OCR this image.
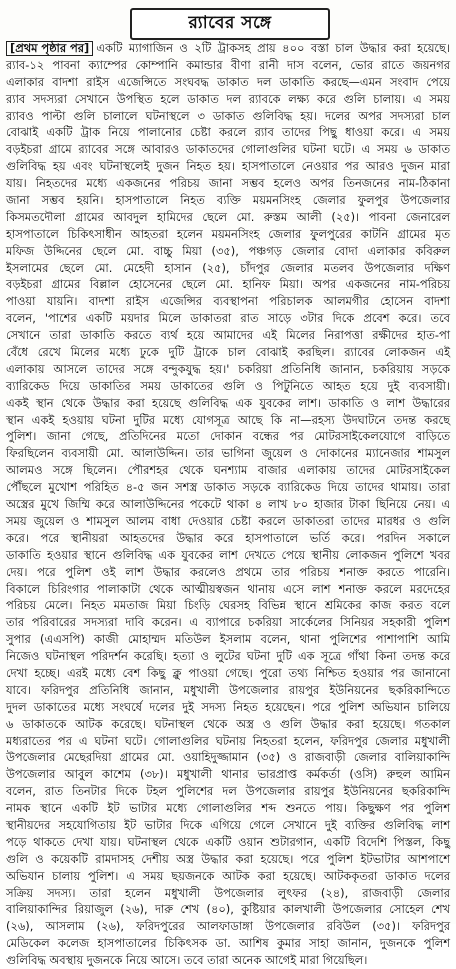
র‍্যাবের সঙ্গে
[প্রথম পৃষ্ঠার পর] একটি ম্যাগাজিন ও ২টি ট্রাকসহ প্রায় ৪০০ বস্তা চাল উদ্ধার করা হয়েছে।
র‍্যাব-১২ পাবনা ক্যাম্পের কোম্পানি কমান্ডার বীণা রানী দাস বলেন, ভোর রাতে জয়নগর
এলাকার বাদশা রাইস এজেন্সিতে সংঘবদ্ধ ডাকাত দল ডাকাতি করছে—এমন সংবাদ পেয়ে
র‍্যাব সদস্যরা সেখানে উপস্থিত হলে ডাকাত দল র‍্যাবকে লক্ষ্য করে গুলি চালায়। এ সময়
র‍্যাবও পাল্টা গুলি চালালে ঘটনাস্থলে ৩ ডাকাত গুলিবিদ্ধ হয়। দলের অপর সদস্যরা চাল
বোঝাই একটি ট্রাক নিয়ে পালানোর চেষ্টা করলে র‍্যাব তাদের পিছু ধাওয়া করে। এ সময়
বড়ইচরা গ্রামে র‍্যাবের সঙ্গে আবারও ডাকাতদের গোলাগুলির ঘটনা ঘটে। এ সময় ৬ ডাকাত
গুলিবিদ্ধ হয় এবং ঘটনাস্থলেই দুজন নিহত হয়। হাসপাতালে নেওয়ার পর আরও দুজন মারা
যায়। নিহতদের মধ্যে একজনের পরিচয় জানা সম্ভব হলেও অপর তিনজনের নাম-ঠিকানা
জানা সম্ভব হয়নি। হাসপাতালে নিহত ব্যক্তি ময়মনসিংহ জেলার ফুলপুর উপজেলার
কিসমতদৌলা গ্রামের আবদুল হামিদের ছেলে মো. রুস্তম আলী (২৫)। পাবনা জেনারেল
হাসপাতালে চিকিৎসাধীন আহতরা হলেন ময়মনসিংহ জেলার ফুলপুরের কাটনি গ্রামের মৃত
মফিজ উদ্দিনের ছেলে মো. বাচ্চু মিয়া (৩৫), পঞ্চগড় জেলার বোদা এলাকার কবিরুল
ইসলামের ছেলে মো. মেহেদী হাসান (২৫), চাঁদপুর জেলার মতলব উপজেলার দক্ষিণ
বড়ইচরা গ্রামের বিল্লাল হোসেনের ছেলে মো. হানিফ মিয়া। অপর একজনের নাম-পরিচয়
পাওয়া যায়নি। বাদশা রাইস এজেন্সির ব্যবস্থাপনা পরিচালক আলমগীর হোসেন বাদশা
বলেন, 'পাশের একটি ময়দার মিলে ডাকাতরা রাত সাড়ে ৩টার দিকে প্রবেশ করে। তবে
সেখানে তারা ডাকাতি করতে ব্যর্থ হয়ে আমাদের এই মিলের নিরাপত্তা রক্ষীদের হাত-পা
বেঁধে রেখে মিলের মধ্যে ঢুকে দুটি ট্রাকে চাল বোঝাই করছিল। র‍্যাবের লোকজন এই
এলাকায় আসলে তাদের সঙ্গে বন্দুকযুদ্ধ হয়।' চকরিয়া প্রতিনিধি জানান, চকরিয়ায় সড়কে
ব্যারিকেড দিয়ে ডাকাতির সময় ডাকাতের গুলি ও পিটুনিতে আহত হয়ে দুই ব্যবসায়ী।
একই স্থান থেকে উদ্ধার করা হয়েছে গুলিবিদ্ধ এক যুবকের লাশ। ডাকাতি ও লাশ উদ্ধারের
স্থান একই হওয়ায় ঘটনা দুটির মধ্যে যোগসূত্র আছে কি না—রহস্য উদঘাটনে তদন্ত করছে
পুলিশ। জানা গেছে, প্রতিদিনের মতো দোকান বন্ধের পর মোটরসাইকেলযোগে বাড়িতে
ফিরছিলেন ব্যবসায়ী মো. আলাউদ্দিন। তার ভাগিনা জুয়েল ও দোকানের ম্যানেজার শামসুল
আলমও সঙ্গে ছিলেন। পৌরশহর থেকে ঘনশ্যাম বাজার এলাকায় তাদের মোটরসাইকেল
পৌঁছলে মুখোশ পরিহিত ৪-৫ জন সশস্ত্র ডাকাত সড়কে ব্যারিকেড দিয়ে তাদের থামায়। তারা
অস্ত্রের মুখে জিম্মি করে আলাউদ্দিনের পকেটে থাকা ৪ লাখ ৮০ হাজার টাকা ছিনিয়ে নেয়। এ
সময় জুয়েল ও শামসুল আলম বাধা দেওয়ার চেষ্টা করলে ডাকাতরা তাদের মারধর ও গুলি
করে। পরে স্থানীয়রা আহতদের উদ্ধার করে হাসপাতালে ভর্তি করে। পরদিন সকালে
ডাকাতি হওয়ার স্থানে গুলিবিদ্ধ এক যুবকের লাশ দেখতে পেয়ে স্থানীয় লোকজন পুলিশে খবর
দেয়। পরে পুলিশ ওই লাশ উদ্ধার করলেও প্রথমে তার পরিচয় শনাক্ত করতে পারেনি।
বিকালে চিরিংগার পালাকাটা থেকে আত্মীয়স্বজন থানায় এসে লাশ শনাক্ত করলে মরদেহের
পরিচয় মেলে। নিহত মমতাজ মিয়া চিংড়ি ঘেরসহ বিভিন্ন স্থানে শ্রমিকের কাজ করত বলে
তার পরিবারের সদস্যরা দাবি করেন। এ ব্যাপারে চকরিয়া সার্কেলের সিনিয়র সহকারী পুলিশ
সুপার (এএসপি) কাজী মোহাম্মদ মতিউল ইসলাম বলেন, থানা পুলিশের পাশাপাশি আমি
নিজেও ঘটনাস্থল পরিদর্শন করেছি। হত্যা ও লুটের ঘটনা দুটি এক সূত্রে গাঁথা কিনা তদন্ত করে
দেখা হচ্ছে। এরই মধ্যে বেশ কিছু ক্লু পাওয়া গেছে। পুরো তথ্য নিশ্চিত হওয়ার পর জানানো
যাবে। ফরিদপুর প্রতিনিধি জানান, মধুখালী উপজেলার রায়পুর ইউনিয়নের ছকরিকান্দিতে
দুদল ডাকাতের মধ্যে সংঘর্ষে দলের দুই সদস্য নিহত হয়েছেন। পরে পুলিশ অভিযান চালিয়ে
৬ ডাকাতকে আটক করেছে। ঘটনাস্থল থেকে অস্ত্র ও গুলি উদ্ধার করা হয়েছে। গতকাল
মধ্যরাতের পর এ ঘটনা ঘটে। গোলাগুলির ঘটনায় নিহতরা হলেন, ফরিদপুর জেলার মধুখালী
উপজেলার মেছেরদিয়া গ্রামের মো. ওয়াহিদুজ্জামান (৩৫) ও রাজবাড়ী জেলার বালিয়াকান্দি
উপজেলার আবুল কাশেম (৩৮)। মধুখালী থানার ভারপ্রাপ্ত কর্মকর্তা (ওসি) রুহুল আমিন
বলেন, রাত তিনটার দিকে টহল পুলিশের দল উপজেলার রায়পুর ইউনিয়নের ছকরিকান্দি
নামক স্থানে একটি ইট ভাটার মধ্যে গোলাগুলির শব্দ শুনতে পায়। কিছুক্ষণ পর পুলিশ
স্থানীয়দের সহযোগিতায় ইট ভাটার দিকে এগিয়ে গেলে সেখানে দুই ব্যক্তির গুলিবিদ্ধ লাশ
পড়ে থাকতে দেখা যায়। ঘটনাস্থল থেকে একটি ওয়ান শুটারগান, একটি বিদেশি পিস্তল, কিছু
গুলি ও কয়েকটি রামদাসহ দেশীয় অস্ত্র উদ্ধার করা হয়েছে। পরে পুলিশ ইটভাটার আশপাশে
অভিযান চালায় পুলিশ। এ সময় ছয়জনকে আটক করা হয়েছে। আটককৃতরা ডাকাত দলের
সক্রিয় সদস্য। তারা হলেন মধুখালী উপজেলার লুৎফর (২৪), রাজবাড়ী জেলার
বালিয়াকান্দির রিয়াজুল (২৬), দারু শেখ (৪০), কুষ্টিয়ার কালখালী উপজেলার সোহেল শেখ
(২৬), আসলাম (২৬), ফরিদপুরের আলফাডাঙ্গা উপজেলার রবিউল (৩৫)। ফরিদপুর
মেডিকেল কলেজ হাসপাতালের চিকিৎসক ডা. আশিষ কুমার সাহা জানান, দুজনকে পুলিশ
গুলিবিদ্ধ অবস্থায় দুজনকে নিয়ে আসে। তবে তারা অনেক আগেই মারা গিয়েছিল।
